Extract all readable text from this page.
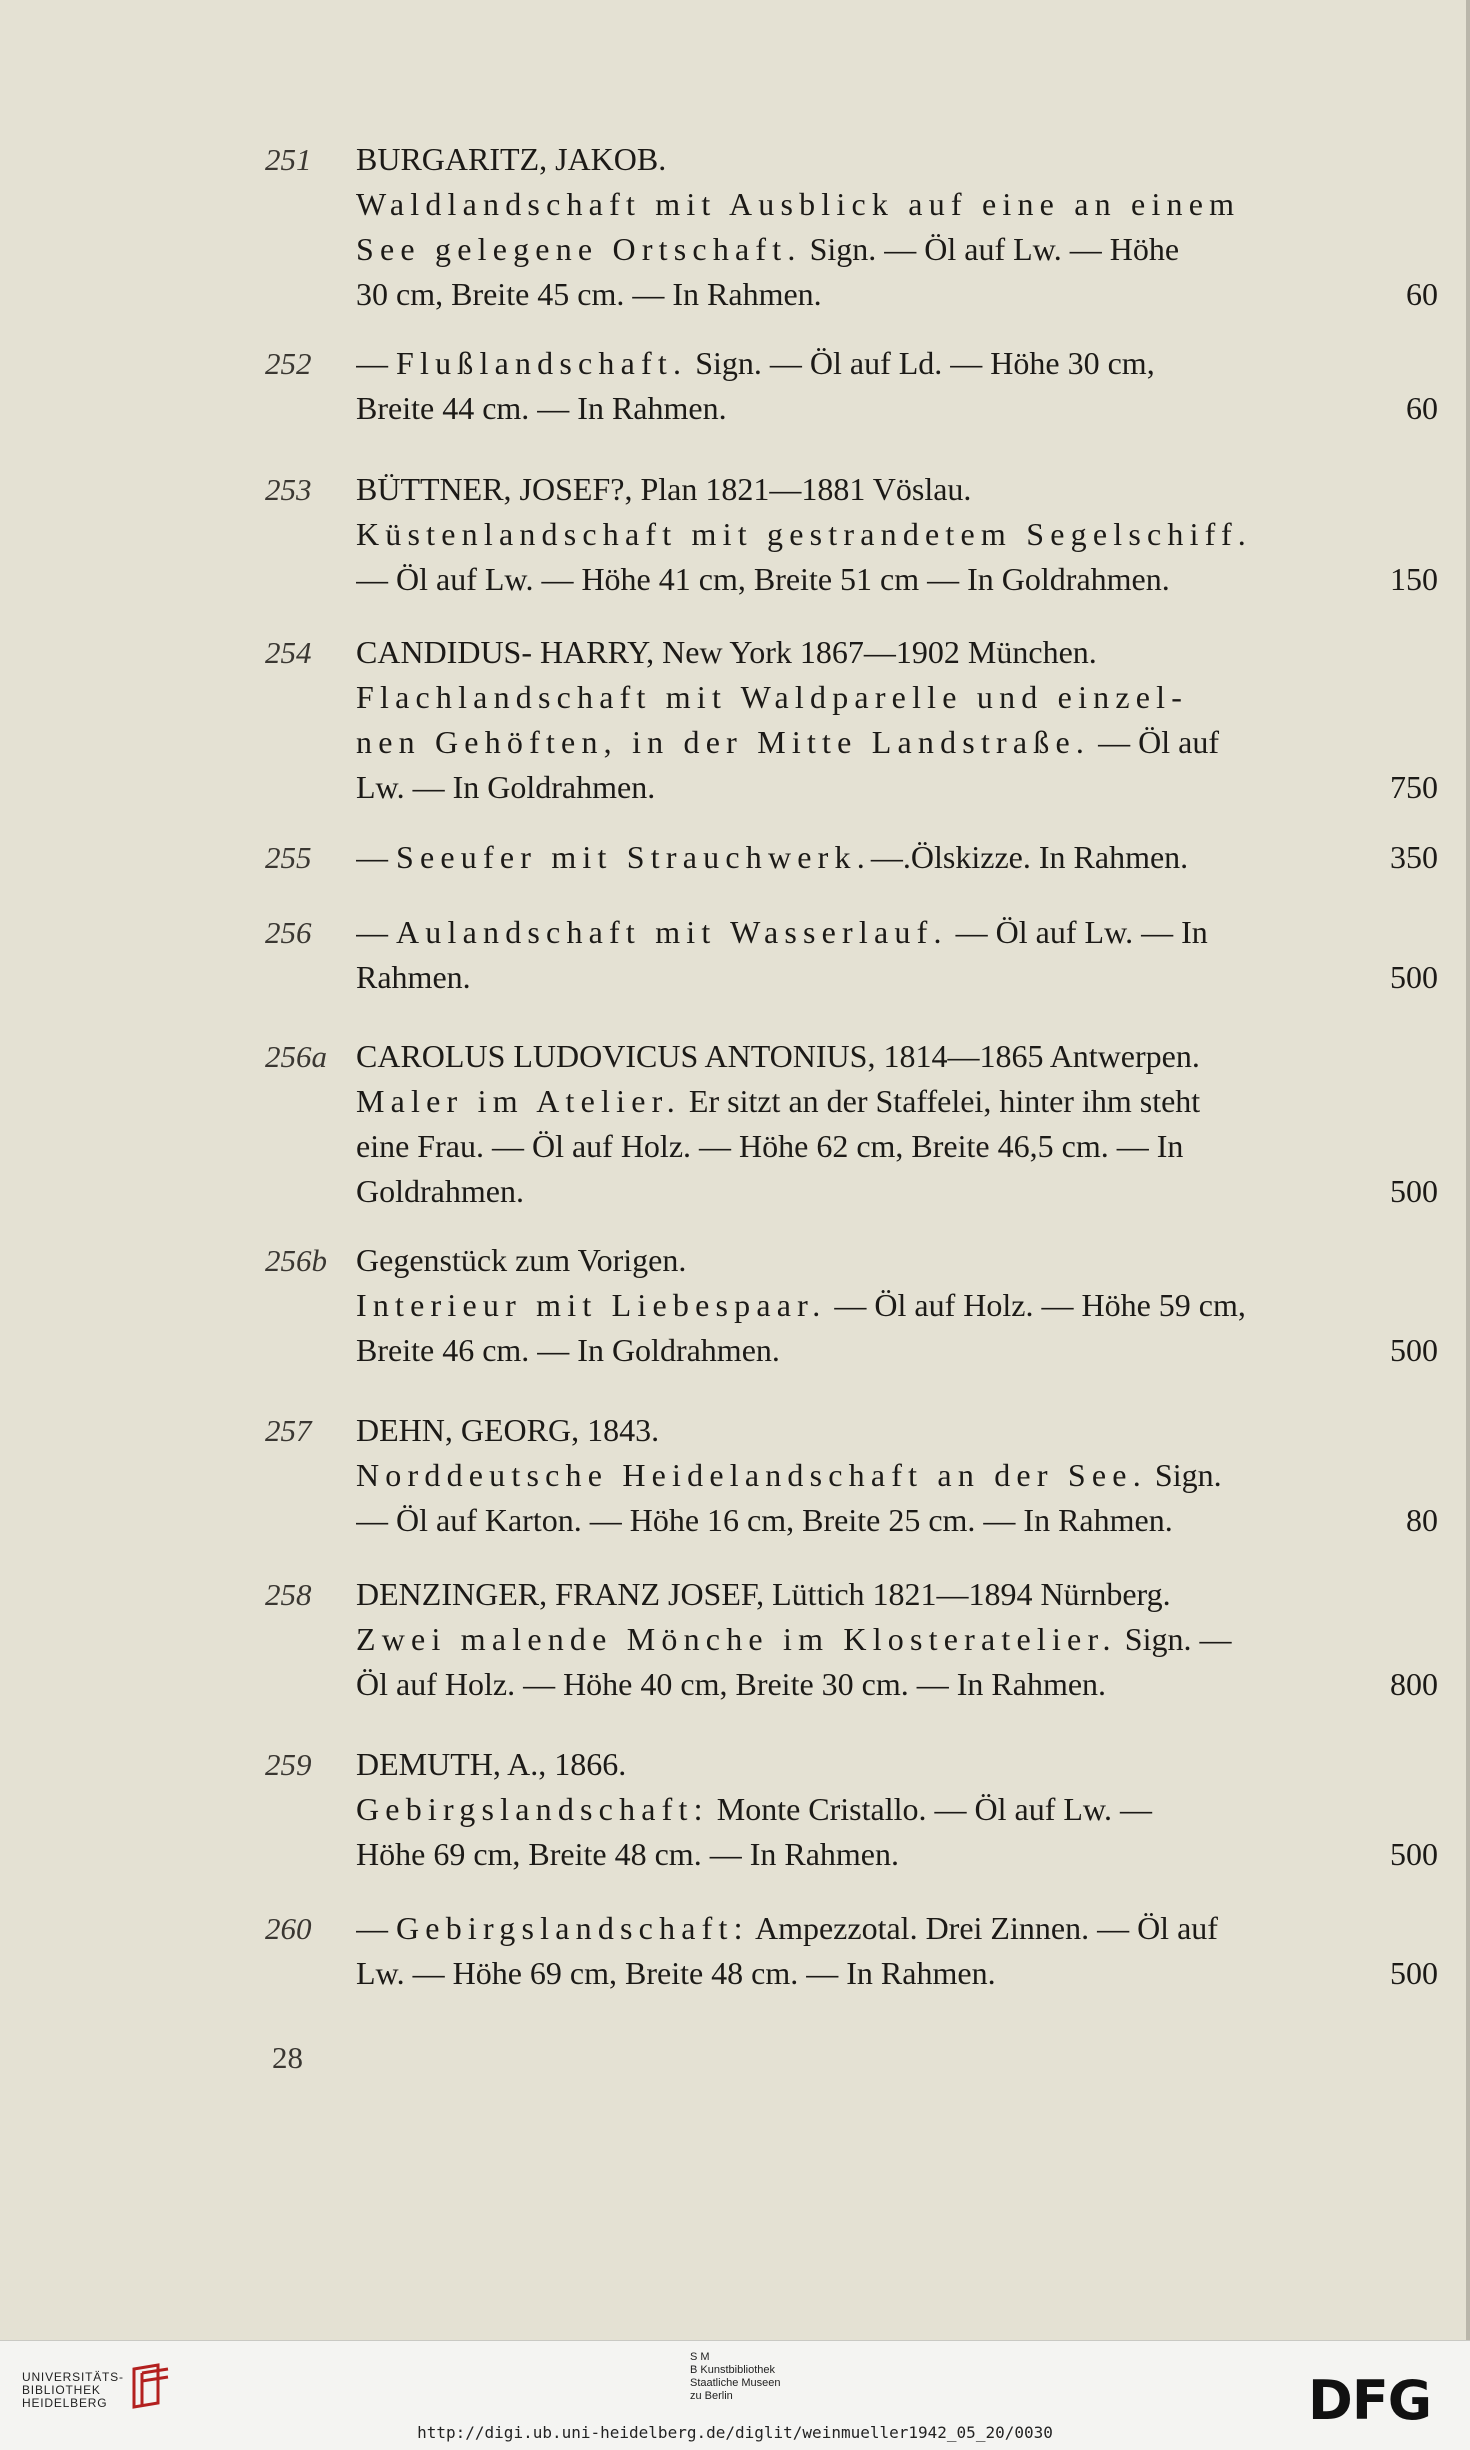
251 BURGARITZ, JAKOB.
Waldlandschaft mit Ausblick auf eine an einem
See gelegene Ortschaft. Sign. — Öl auf Lw. — Höhe
30 cm, Breite 45 cm. — In Rahmen.	60
252 — Flußlandschaft. Sign. — Öl auf Ld. — Höhe 30 cm,
Breite 44 cm. — In Rahmen.	60
253 BÜTTNER, JOSEF?, Plan 1821—1881 Vöslau.
Küstenlandschaft mit gestrandetem Segelschiff.
— Öl auf Lw. — Höhe 41 cm, Breite 51 cm — In Goldrahmen.	150
254 CANDIDUS- HARRY, New York 1867—1902 München.
Flachlandschaft mit Waldparelle und einzel-
nen Gehöften, in der Mitte Landstraße. — Öl auf
Lw. — In Goldrahmen.	750
255 — Seeufer mit Strauchwerk. —.Ölskizze. In Rahmen.	350
256 — Aulandschaft mit Wasserlauf. — Öl auf Lw. — In
Rahmen.	500
256a CAROLUS LUDOVICUS ANTONIUS, 1814—1865 Antwerpen.
Maler im Atelier. Er sitzt an der Staffelei, hinter ihm steht
eine Frau. — Öl auf Holz. — Höhe 62 cm, Breite 46,5 cm. — In
Goldrahmen.	500
256b Gegenstück zum Vorigen.
Interieur mit Liebespaar. — Öl auf Holz. — Höhe 59 cm,
Breite 46 cm. — In Goldrahmen.	500
257 DEHN, GEORG, 1843.
Norddeutsche Heidelandschaft an der See. Sign.
— Öl auf Karton. — Höhe 16 cm, Breite 25 cm. — In Rahmen.	80
258 DENZINGER, FRANZ JOSEF, Lüttich 1821—1894 Nürnberg.
Zwei malende Mönche im Klosteratelier. Sign. —
Öl auf Holz. — Höhe 40 cm, Breite 30 cm. — In Rahmen.	800
259 DEMUTH, A., 1866.
Gebirgslandschaft: Monte Cristallo. — Öl auf Lw. —
Höhe 69 cm, Breite 48 cm. — In Rahmen.	500
260 — Gebirgslandschaft: Ampezzotal. Drei Zinnen. — Öl auf
Lw. — Höhe 69 cm, Breite 48 cm. — In Rahmen.	500
28
UNIVERSITÄTS-
BIBLIOTHEK
HEIDELBERG
S M
B Kunstbibliothek
Staatliche Museen
zu Berlin	DFG
http://digi.ub.uni-heidelberg.de/diglit/weinmueller1942_05_20/0030
